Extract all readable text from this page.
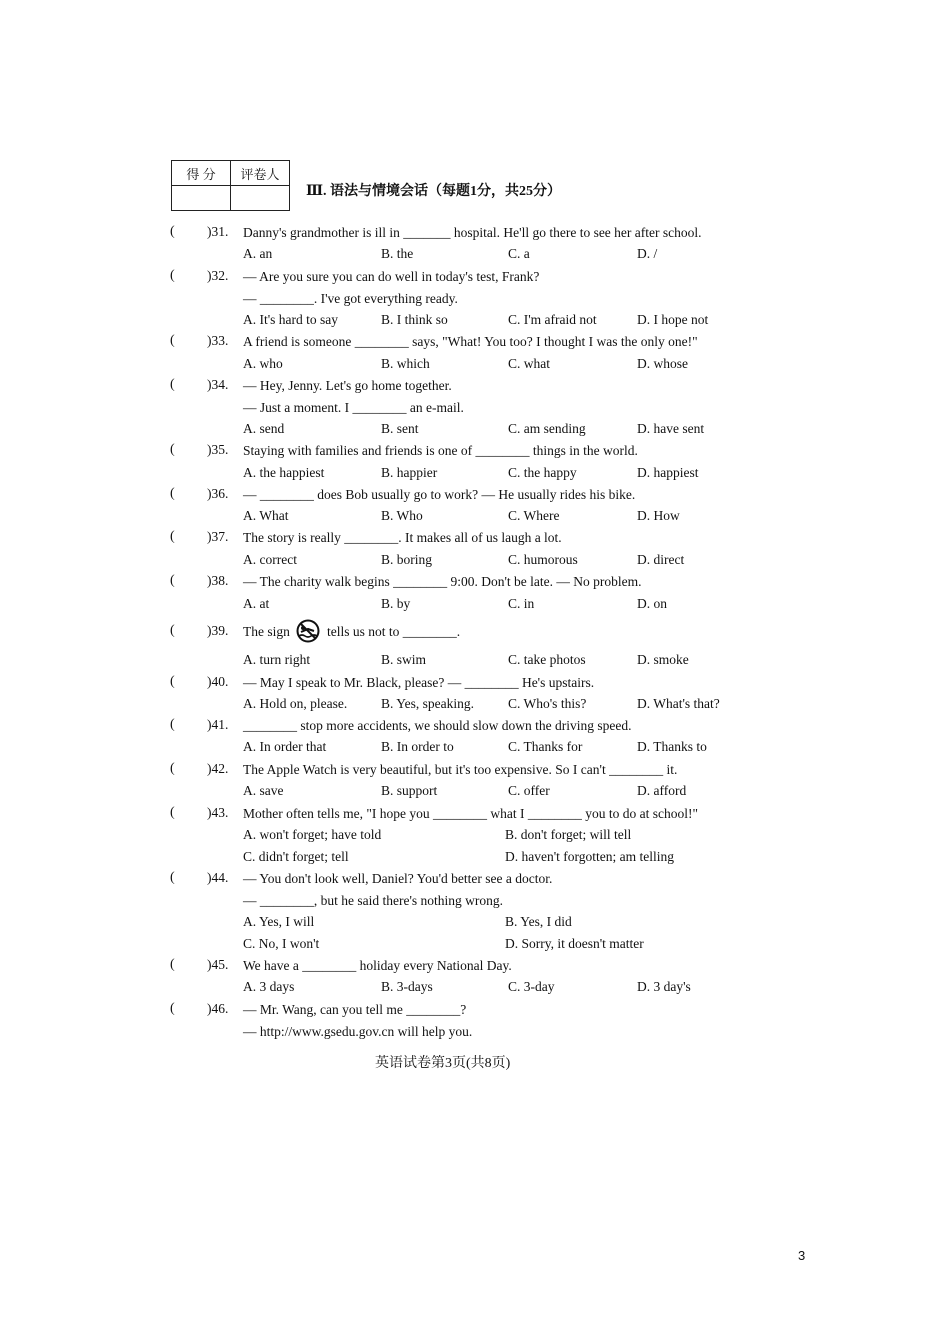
得 分	评卷人

Ⅲ. 语法与情境会话（每题1分，共25分）
( )31. Danny's grandmother is ill in _______ hospital. He'll go there to see her after school.
A. an	B. the	C. a	D. /
( )32. — Are you sure you can do well in today's test, Frank?
— ________. I've got everything ready.
A. It's hard to say	B. I think so	C. I'm afraid not	D. I hope not
( )33. A friend is someone ________ says, "What! You too? I thought I was the only one!"
A. who	B. which	C. what	D. whose
( )34. — Hey, Jenny. Let's go home together.
— Just a moment. I ________ an e-mail.
A. send	B. sent	C. am sending	D. have sent
( )35. Staying with families and friends is one of ________ things in the world.
A. the happiest	B. happier	C. the happy	D. happiest
( )36. — ________ does Bob usually go to work? — He usually rides his bike.
A. What	B. Who	C. Where	D. How
( )37. The story is really ________. It makes all of us laugh a lot.
A. correct	B. boring	C. humorous	D. direct
( )38. — The charity walk begins ________ 9:00. Don't be late. — No problem.
A. at	B. by	C. in	D. on
( )39. The sign	tells us not to ________.
A. turn right	B. swim	C. take photos	D. smoke
( )40. — May I speak to Mr. Black, please? — ________ He's upstairs.
A. Hold on, please.	B. Yes, speaking.	C. Who's this?	D. What's that?
( )41. ________ stop more accidents, we should slow down the driving speed.
A. In order that	B. In order to	C. Thanks for	D. Thanks to
( )42. The Apple Watch is very beautiful, but it's too expensive. So I can't ________ it.
A. save	B. support	C. offer	D. afford
( )43. Mother often tells me, "I hope you ________ what I ________ you to do at school!"
A. won't forget; have told	B. don't forget; will tell
C. didn't forget; tell	D. haven't forgotten; am telling
( )44. — You don't look well, Daniel? You'd better see a doctor.
— ________, but he said there's nothing wrong.
A. Yes, I will	B. Yes, I did
C. No, I won't	D. Sorry, it doesn't matter
( )45. We have a ________ holiday every National Day.
A. 3 days	B. 3-days	C. 3-day	D. 3 day's
( )46. — Mr. Wang, can you tell me ________?
— http://www.gsedu.gov.cn will help you.
英语试卷第3页(共8页)
3
